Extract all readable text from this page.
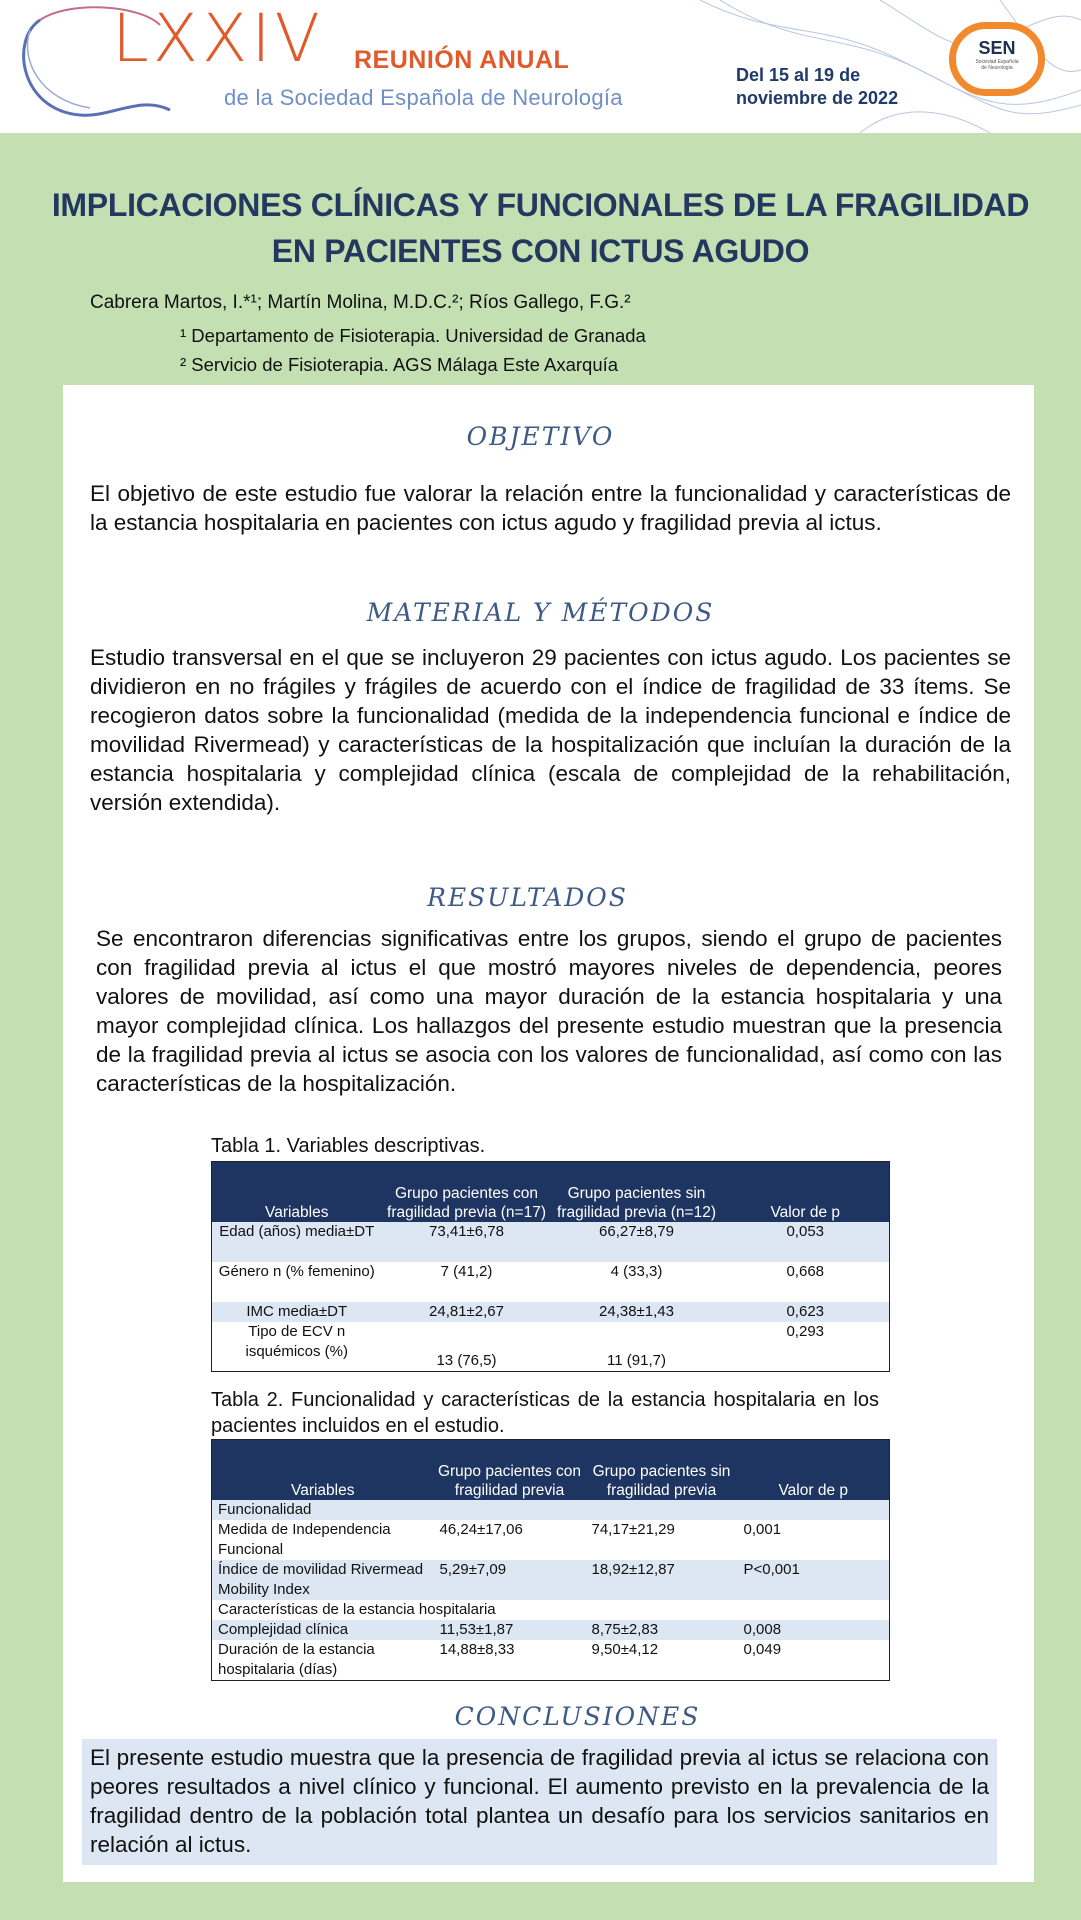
LXXIV REUNIÓN ANUAL
de la Sociedad Española de Neurología
Del 15 al 19 de
noviembre de 2022
SEN
Sociedad Española
de Neurología
IMPLICACIONES CLÍNICAS Y FUNCIONALES DE LA FRAGILIDAD
EN PACIENTES CON ICTUS AGUDO
Cabrera Martos, I.*¹; Martín Molina, M.D.C.²; Ríos Gallego, F.G.²
¹ Departamento de Fisioterapia. Universidad de Granada
² Servicio de Fisioterapia. AGS Málaga Este Axarquía
OBJETIVO
El objetivo de este estudio fue valorar la relación entre la funcionalidad y características de la estancia hospitalaria en pacientes con ictus agudo y fragilidad previa al ictus.
MATERIAL Y MÉTODOS
Estudio transversal en el que se incluyeron 29 pacientes con ictus agudo. Los pacientes se dividieron en no frágiles y frágiles de acuerdo con el índice de fragilidad de 33 ítems. Se recogieron datos sobre la funcionalidad (medida de la independencia funcional e índice de movilidad Rivermead) y características de la hospitalización que incluían la duración de la estancia hospitalaria y complejidad clínica (escala de complejidad de la rehabilitación, versión extendida).
RESULTADOS
Se encontraron diferencias significativas entre los grupos, siendo el grupo de pacientes con fragilidad previa al ictus el que mostró mayores niveles de dependencia, peores valores de movilidad, así como una mayor duración de la estancia hospitalaria y una mayor complejidad clínica. Los hallazgos del presente estudio muestran que la presencia de la fragilidad previa al ictus se asocia con los valores de funcionalidad, así como con las características de la hospitalización.
Tabla 1. Variables descriptivas.
Variables	Grupo pacientes con fragilidad previa (n=17)	Grupo pacientes sin fragilidad previa (n=12)	Valor de p
Edad (años) media±DT	73,41±6,78	66,27±8,79	0,053
Género n (% femenino)	7 (41,2)	4 (33,3)	0,668
IMC media±DT	24,81±2,67	24,38±1,43	0,623
Tipo de ECV n isquémicos (%)	13 (76,5)	11 (91,7)	0,293
Tabla 2. Funcionalidad y características de la estancia hospitalaria en los pacientes incluidos en el estudio.
Variables	Grupo pacientes con fragilidad previa	Grupo pacientes sin fragilidad previa	Valor de p
Funcionalidad			
Medida de Independencia Funcional	46,24±17,06	74,17±21,29	0,001
Índice de movilidad Rivermead Mobility Index	5,29±7,09	18,92±12,87	P<0,001
Características de la estancia hospitalaria			
Complejidad clínica	11,53±1,87	8,75±2,83	0,008
Duración de la estancia hospitalaria (días)	14,88±8,33	9,50±4,12	0,049
CONCLUSIONES
El presente estudio muestra que la presencia de fragilidad previa al ictus se relaciona con peores resultados a nivel clínico y funcional. El aumento previsto en la prevalencia de la fragilidad dentro de la población total plantea un desafío para los servicios sanitarios en relación al ictus.
